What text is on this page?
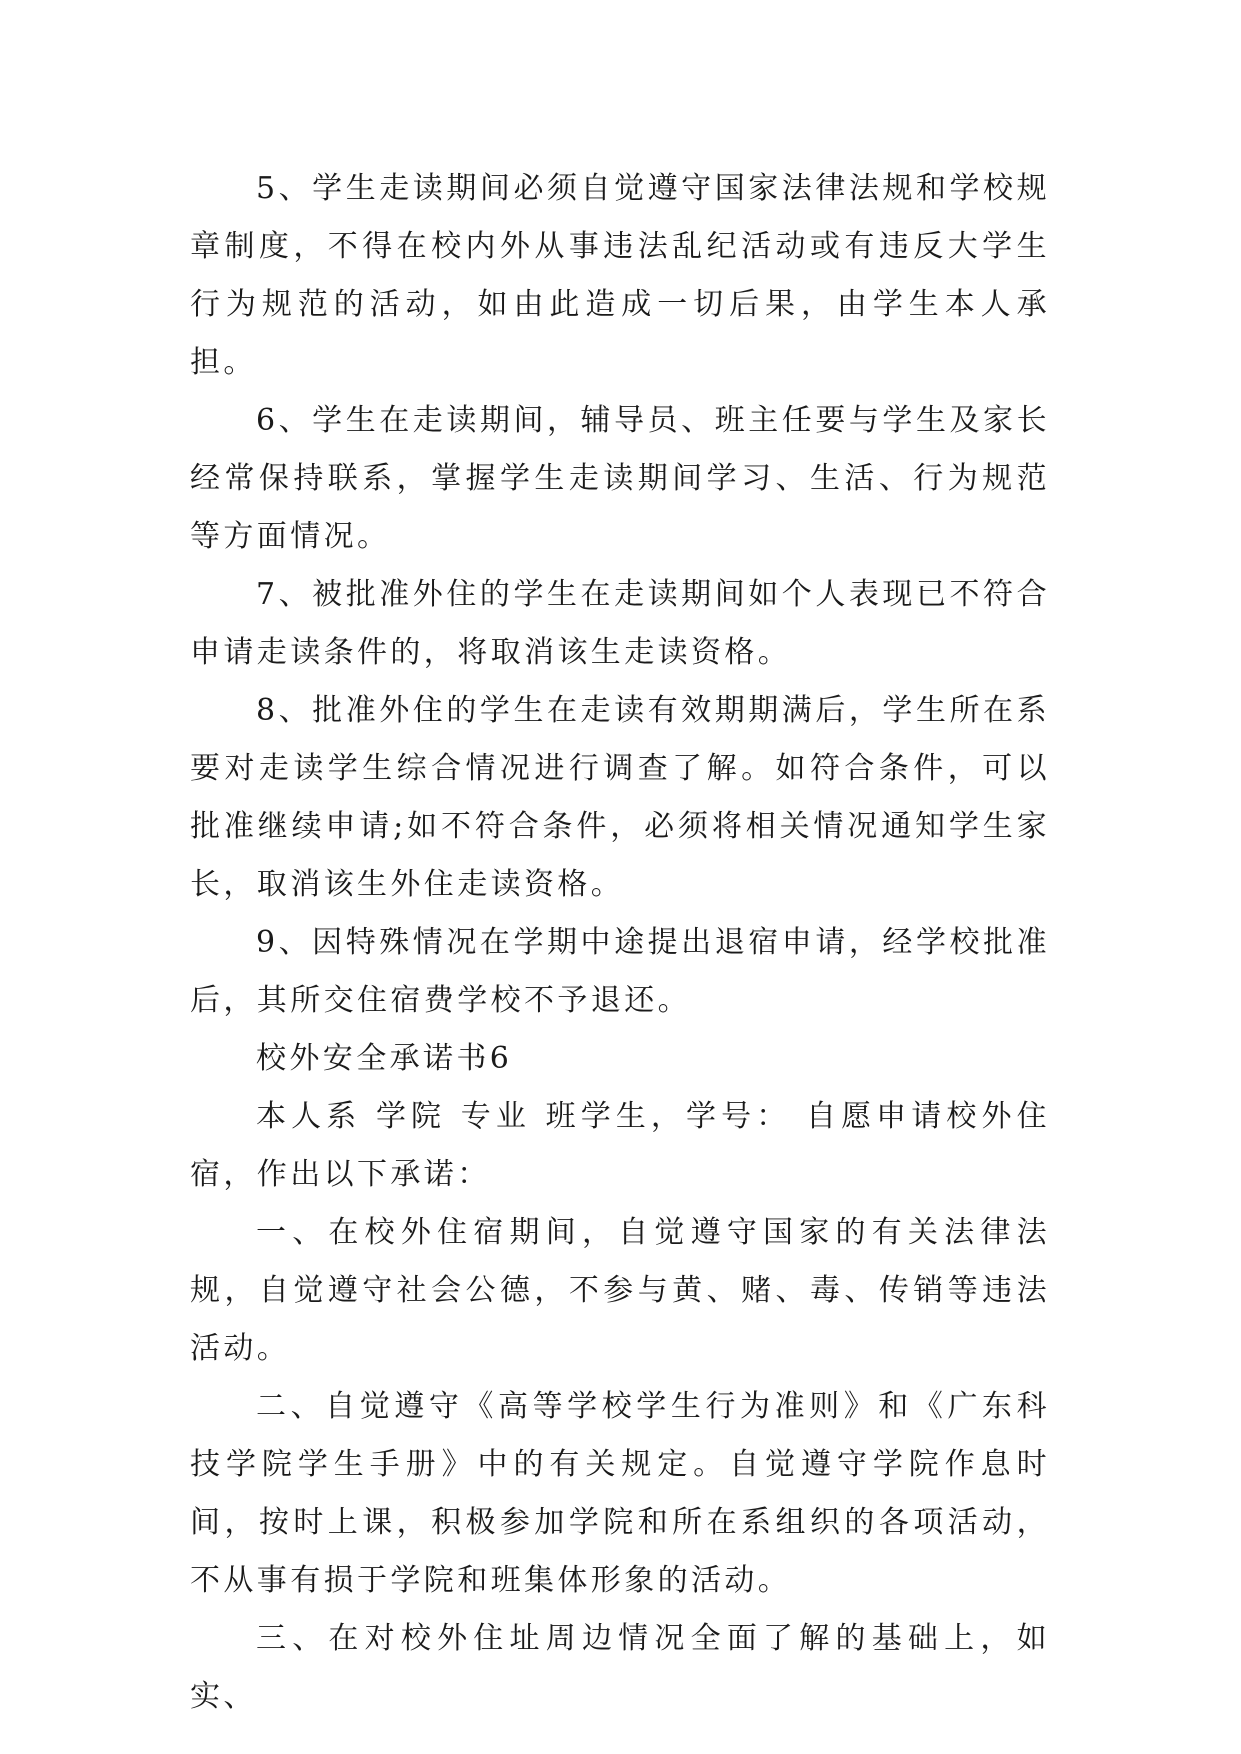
5、学生走读期间必须自觉遵守国家法律法规和学校规章制度，不得在校内外从事违法乱纪活动或有违反大学生行为规范的活动，如由此造成一切后果，由学生本人承担。

6、学生在走读期间，辅导员、班主任要与学生及家长经常保持联系，掌握学生走读期间学习、生活、行为规范等方面情况。

7、被批准外住的学生在走读期间如个人表现已不符合申请走读条件的，将取消该生走读资格。

8、批准外住的学生在走读有效期期满后，学生所在系要对走读学生综合情况进行调查了解。如符合条件，可以批准继续申请;如不符合条件，必须将相关情况通知学生家长，取消该生外住走读资格。

9、因特殊情况在学期中途提出退宿申请，经学校批准后，其所交住宿费学校不予退还。

校外安全承诺书6

本人系 学院 专业 班学生，学号： 自愿申请校外住宿，作出以下承诺：

一、在校外住宿期间，自觉遵守国家的有关法律法规，自觉遵守社会公德，不参与黄、赌、毒、传销等违法活动。

二、自觉遵守《高等学校学生行为准则》和《广东科技学院学生手册》中的有关规定。自觉遵守学院作息时间，按时上课，积极参加学院和所在系组织的各项活动，不从事有损于学院和班集体形象的活动。

三、在对校外住址周边情况全面了解的基础上，如实、
